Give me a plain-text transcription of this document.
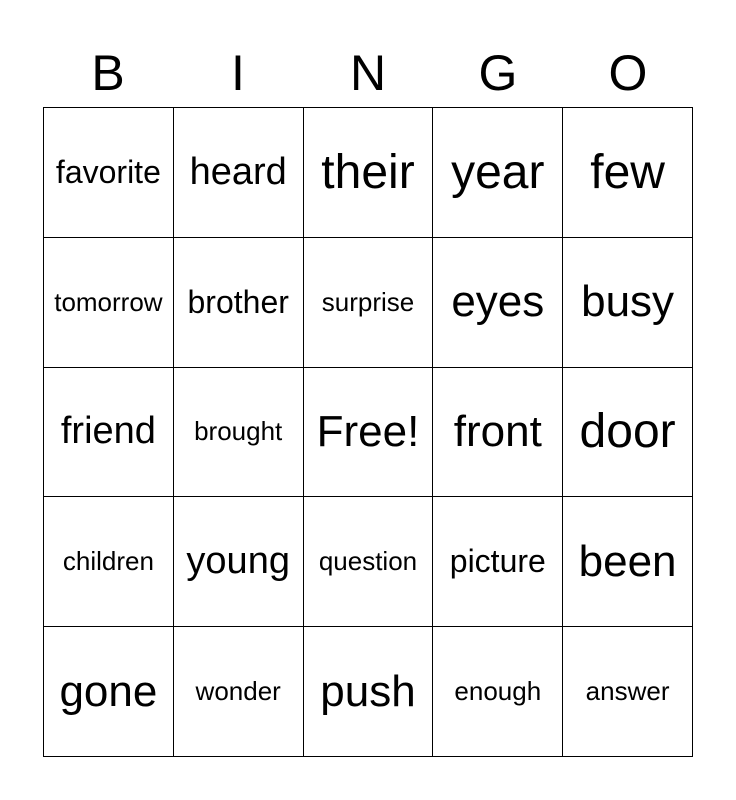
B	I	N	G	O
favorite heard their year few
tomorrow brother	surprise eyes busy
friend	brought Free! front door
children young	question	picture been
gone	wonder push	enough	answer
